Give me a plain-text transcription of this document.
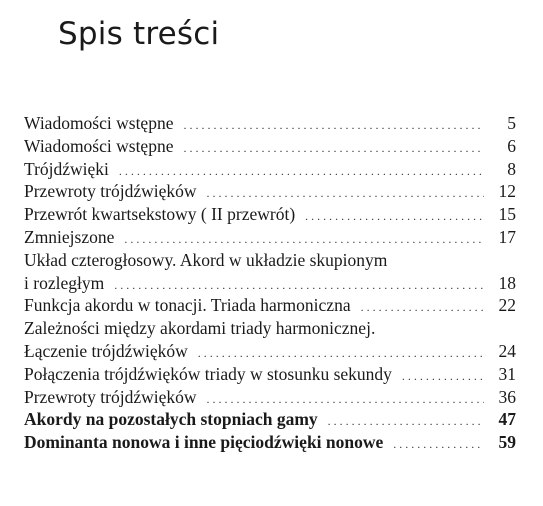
Spis treści
Wiadomości wstępne . . .	5
Wiadomości wstępne . . .	6
Trójdźwięki . . .	8
Przewroty trójdźwięków . . .	12
Przewrót kwartsekstowy ( II przewrót) . . .	15
Zmniejszone . . .	17
Układ czterogłosowy. Akord w układzie skupionym
i rozległym . . .	18
Funkcja akordu w tonacji. Triada harmoniczna . . .	22
Zależności między akordami triady harmonicznej.
Łączenie trójdźwięków . . .	24
Połączenia trójdźwięków triady w stosunku sekundy . . .	31
Przewroty trójdźwięków . . .	36
Akordy na pozostałych stopniach gamy . . .	47
Dominanta nonowa i inne pięciodźwięki nonowe . . .	59
